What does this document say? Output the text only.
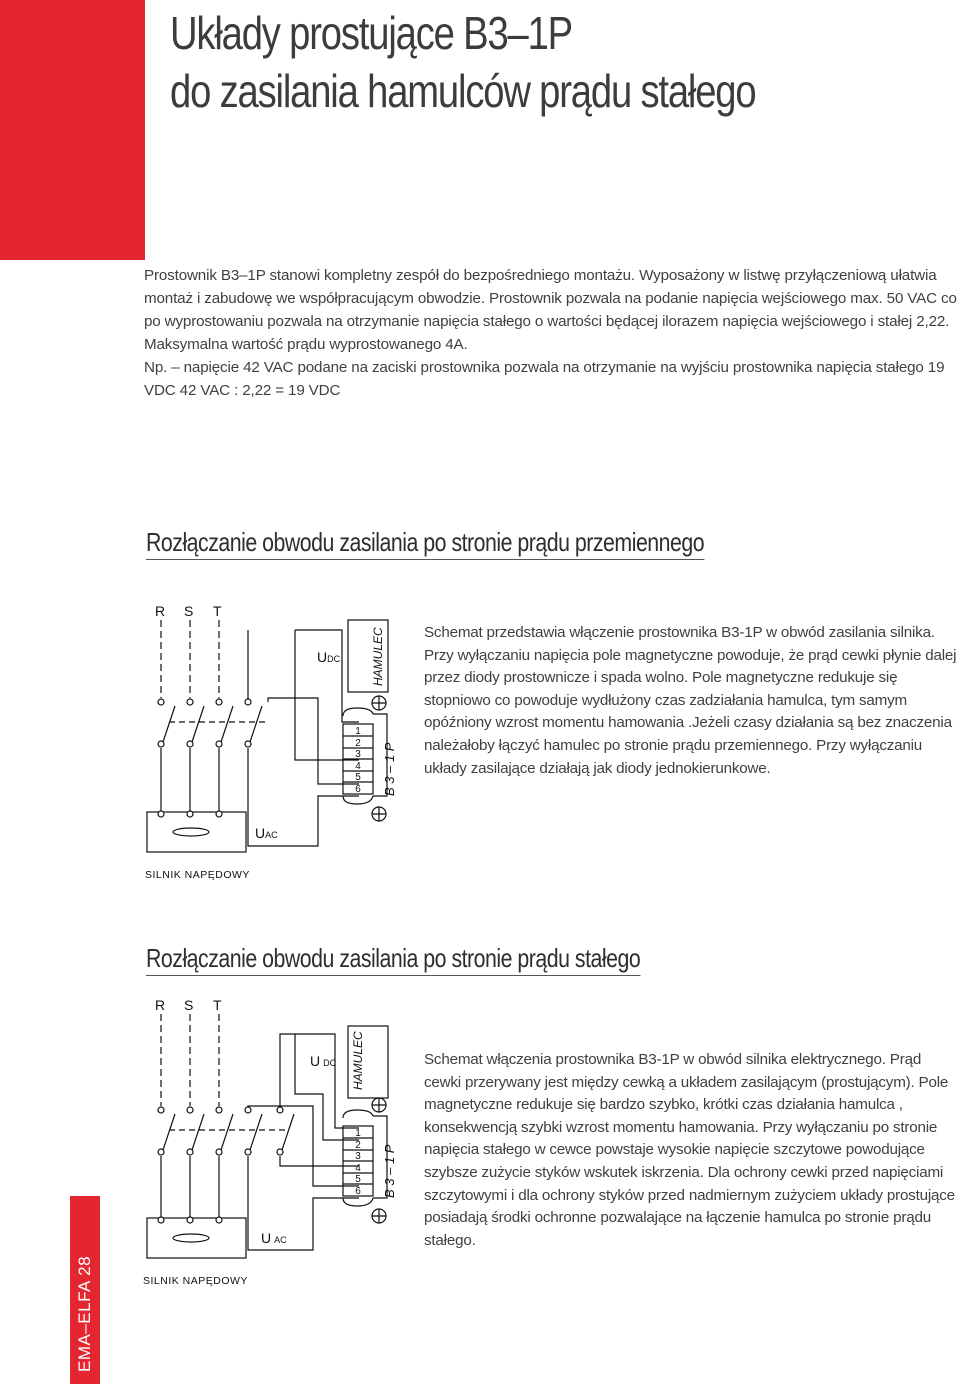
Układy prostujące B3–1P
do zasilania hamulców prądu stałego

Prostownik B3–1P stanowi kompletny zespół do bezpośredniego montażu. Wyposażony w listwę przyłączeniową ułatwia montaż i zabudowę we współpracującym obwodzie. Prostownik pozwala na podanie napięcia wejściowego max. 50 VAC co po wyprostowaniu pozwala na otrzymanie napięcia stałego o wartości będącej ilorazem napięcia wejściowego i stałej 2,22.

Maksymalna wartość prądu wyprostowanego 4A.

Np. – napięcie 42 VAC podane na zaciski prostownika pozwala na otrzymanie na wyjściu prostownika napięcia stałego 19 VDC 42 VAC : 2,22 = 19 VDC

Rozłączanie obwodu zasilania po stronie prądu przemiennego
Rozłączanie obwodu zasilania po stronie prądu stałego

Schemat przedstawia włączenie prostownika B3-1P w obwód zasilania silnika. Przy wyłączaniu napięcia pole magnetyczne powoduje, że prąd cewki płynie dalej przez diody prostownicze i spada wolno. Pole magnetyczne redukuje się stopniowo co powoduje wydłużony czas zadziałania hamulca, tym samym opóźniony wzrost momentu hamowania .Jeżeli czasy działania są bez znaczenia należałoby łączyć hamulec po stronie prądu przemiennego. Przy wyłączaniu układy zasilające działają jak diody jednokierunkowe.

Schemat włączenia prostownika B3-1P w obwód silnika elektrycznego. Prąd cewki przerywany jest między cewką a układem zasilającym (prostującym). Pole magnetyczne redukuje się bardzo szybko, krótki czas działania hamulca , konsekwencją szybki wzrost momentu hamowania. Przy wyłączaniu po stronie napięcia stałego w cewce powstaje wysokie napięcie szczytowe powodujące szybsze zużycie styków wskutek iskrzenia. Dla ochrony cewki przed napięciami szczytowymi i dla ochrony styków przed nadmiernym zużyciem układy prostujące posiadają środki ochronne pozwalające na łączenie hamulca po stronie prądu stałego.

R S T
UDC
UAC
HAMULEC
B 3 – 1 P
1
2
3
4
5
6
SILNIK NAPĘDOWY
R S T
UDC
UAC
HAMULEC
B 3 – 1 P
1
2
3
4
5
6
SILNIK NAPĘDOWY
EMA–ELFA 28
